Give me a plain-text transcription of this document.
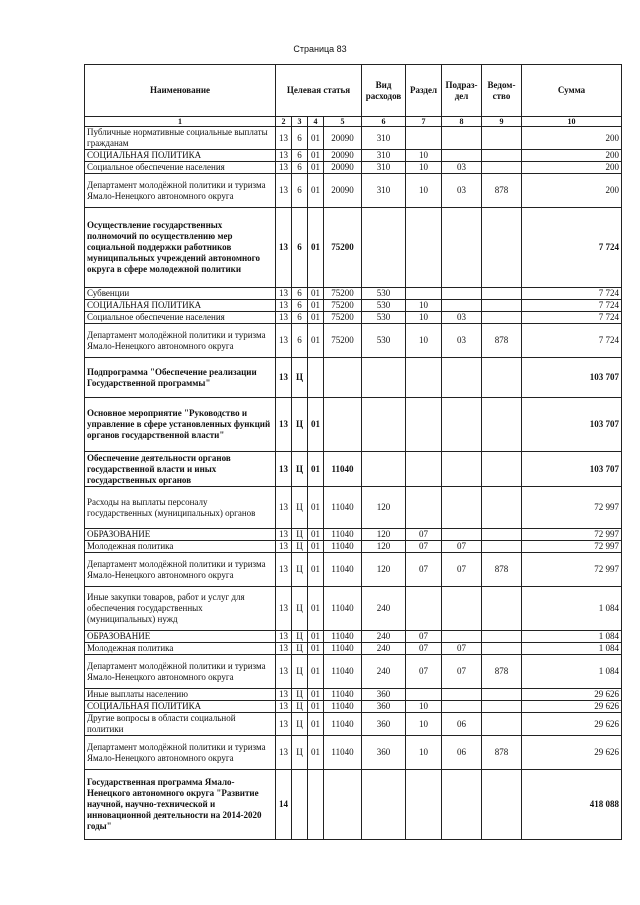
Страница 83
Наименование	Целевая статья				Вид расходов	Раздел	Подраз-дел	Ведом-ство	Сумма
1	2	3	4	5	6	7	8	9	10
Публичные нормативные социальные выплаты гражданам	13	6	01	20090	310				200
СОЦИАЛЬНАЯ ПОЛИТИКА	13	6	01	20090	310	10			200
Социальное обеспечение населения	13	6	01	20090	310	10	03		200
Департамент молодёжной политики и туризма Ямало-Ненецкого автономного округа	13	6	01	20090	310	10	03	878	200
Осуществление государственных полномочий по осуществлению мер социальной поддержки работников муниципальных учреждений автономного округа в сфере молодежной политики	13	6	01	75200					7 724
Субвенции	13	6	01	75200	530				7 724
СОЦИАЛЬНАЯ ПОЛИТИКА	13	6	01	75200	530	10			7 724
Социальное обеспечение населения	13	6	01	75200	530	10	03		7 724
Департамент молодёжной политики и туризма Ямало-Ненецкого автономного округа	13	6	01	75200	530	10	03	878	7 724
Подпрограмма "Обеспечение реализации Государственной программы"	13	Ц							103 707
Основное мероприятие "Руководство и управление в сфере установленных функций органов государственной власти"	13	Ц	01						103 707
Обеспечение деятельности органов государственной власти и иных государственных органов	13	Ц	01	11040					103 707
Расходы на выплаты персоналу государственных (муниципальных) органов	13	Ц	01	11040	120				72 997
ОБРАЗОВАНИЕ	13	Ц	01	11040	120	07			72 997
Молодежная политика	13	Ц	01	11040	120	07	07		72 997
Департамент молодёжной политики и туризма Ямало-Ненецкого автономного округа	13	Ц	01	11040	120	07	07	878	72 997
Иные закупки товаров, работ и услуг для обеспечения государственных (муниципальных) нужд	13	Ц	01	11040	240				1 084
ОБРАЗОВАНИЕ	13	Ц	01	11040	240	07			1 084
Молодежная политика	13	Ц	01	11040	240	07	07		1 084
Департамент молодёжной политики и туризма Ямало-Ненецкого автономного округа	13	Ц	01	11040	240	07	07	878	1 084
Иные выплаты населению	13	Ц	01	11040	360				29 626
СОЦИАЛЬНАЯ ПОЛИТИКА	13	Ц	01	11040	360	10			29 626
Другие вопросы в области социальной политики	13	Ц	01	11040	360	10	06		29 626
Департамент молодёжной политики и туризма Ямало-Ненецкого автономного округа	13	Ц	01	11040	360	10	06	878	29 626
Государственная программа Ямало-Ненецкого автономного округа "Развитие научной, научно-технической и инновационной деятельности на 2014-2020 годы"	14								418 088
